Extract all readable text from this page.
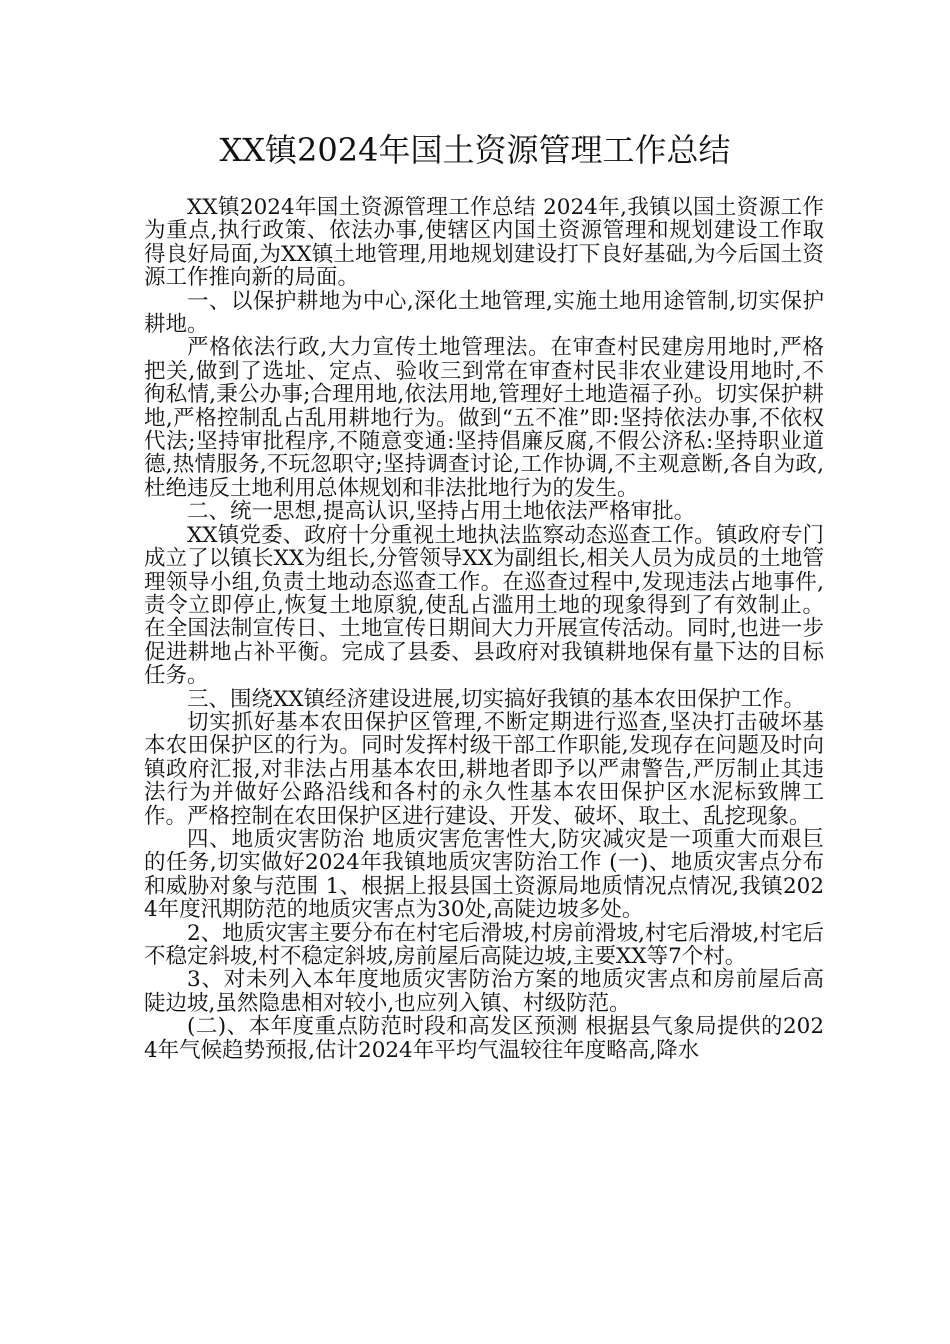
XX镇2024年国土资源管理工作总结

XX镇2024年国土资源管理工作总结 2024年,我镇以国土资源工作为重点,执行政策、依法办事,使辖区内国土资源管理和规划建设工作取得良好局面,为XX镇土地管理,用地规划建设打下良好基础,为今后国土资源工作推向新的局面。

一、以保护耕地为中心,深化土地管理,实施土地用途管制,切实保护耕地。

严格依法行政,大力宣传土地管理法。在审查村民建房用地时,严格把关,做到了选址、定点、验收三到常在审查村民非农业建设用地时,不徇私情,秉公办事;合理用地,依法用地,管理好土地造福子孙。切实保护耕地,严格控制乱占乱用耕地行为。做到“五不准”即:坚持依法办事,不依权代法;坚持审批程序,不随意变通:坚持倡廉反腐,不假公济私:坚持职业道德,热情服务,不玩忽职守;坚持调查讨论,工作协调,不主观意断,各自为政,杜绝违反土地利用总体规划和非法批地行为的发生。

二、统一思想,提高认识,坚持占用土地依法严格审批。

XX镇党委、政府十分重视土地执法监察动态巡查工作。镇政府专门成立了以镇长XX为组长,分管领导XX为副组长,相关人员为成员的土地管理领导小组,负责土地动态巡查工作。在巡查过程中,发现违法占地事件,责令立即停止,恢复土地原貌,使乱占滥用土地的现象得到了有效制止。在全国法制宣传日、土地宣传日期间大力开展宣传活动。同时,也进一步促进耕地占补平衡。完成了县委、县政府对我镇耕地保有量下达的目标任务。

三、围绕XX镇经济建设进展,切实搞好我镇的基本农田保护工作。

切实抓好基本农田保护区管理,不断定期进行巡查,坚决打击破坏基本农田保护区的行为。同时发挥村级干部工作职能,发现存在问题及时向镇政府汇报,对非法占用基本农田,耕地者即予以严肃警告,严厉制止其违法行为并做好公路沿线和各村的永久性基本农田保护区水泥标致牌工作。严格控制在农田保护区进行建设、开发、破坏、取土、乱挖现象。

四、地质灾害防治 地质灾害危害性大,防灾减灾是一项重大而艰巨的任务,切实做好2024年我镇地质灾害防治工作 (一)、地质灾害点分布和威胁对象与范围 1、根据上报县国土资源局地质情况点情况,我镇2024年度汛期防范的地质灾害点为30处,高陡边坡多处。

2、地质灾害主要分布在村宅后滑坡,村房前滑坡,村宅后滑坡,村宅后不稳定斜坡,村不稳定斜坡,房前屋后高陡边坡,主要XX等7个村。

3、对未列入本年度地质灾害防治方案的地质灾害点和房前屋后高陡边坡,虽然隐患相对较小,也应列入镇、村级防范。

(二)、本年度重点防范时段和高发区预测 根据县气象局提供的2024年气候趋势预报,估计2024年平均气温较往年度略高,降水
